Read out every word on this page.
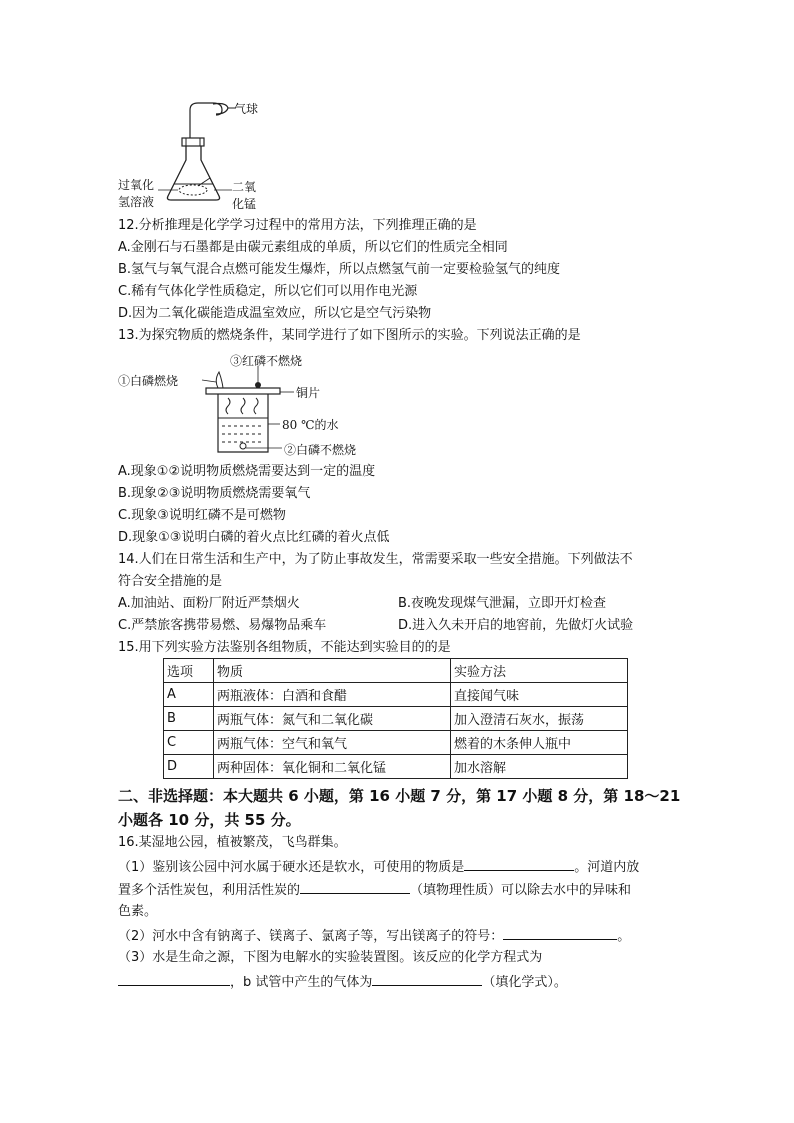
气球
过氧化
氢溶液
二氧
化锰
12.分析推理是化学学习过程中的常用方法，下列推理正确的是
A.金刚石与石墨都是由碳元素组成的单质，所以它们的性质完全相同
B.氢气与氧气混合点燃可能发生爆炸，所以点燃氢气前一定要检验氢气的纯度
C.稀有气体化学性质稳定，所以它们可以用作电光源
D.因为二氧化碳能造成温室效应，所以它是空气污染物
13.为探究物质的燃烧条件，某同学进行了如下图所示的实验。下列说法正确的是
③红磷不燃烧
①白磷燃烧
铜片
80 ℃的水
②白磷不燃烧
A.现象①②说明物质燃烧需要达到一定的温度
B.现象②③说明物质燃烧需要氧气
C.现象③说明红磷不是可燃物
D.现象①③说明白磷的着火点比红磷的着火点低
14.人们在日常生活和生产中，为了防止事故发生，常需要采取一些安全措施。下列做法不
符合安全措施的是
A.加油站、面粉厂附近严禁烟火	B.夜晚发现煤气泄漏，立即开灯检查
C.严禁旅客携带易燃、易爆物品乘车	D.进入久未开启的地窖前，先做灯火试验
15.用下列实验方法鉴别各组物质，不能达到实验目的的是
选项	物质	实验方法
A	两瓶液体：白酒和食醋	直接闻气味
B	两瓶气体：氮气和二氧化碳	加入澄清石灰水，振荡
C	两瓶气体：空气和氧气	燃着的木条伸人瓶中
D	两种固体：氧化铜和二氧化锰	加水溶解
二、非选择题：本大题共 6 小题，第 16 小题 7 分，第 17 小题 8 分，第 18～21
小题各 10 分，共 55 分。
16.某湿地公园，植被繁茂，飞鸟群集。
（1）鉴别该公园中河水属于硬水还是软水，可使用的物质是	。河道内放
置多个活性炭包，利用活性炭的	（填物理性质）可以除去水中的异味和
色素。
（2）河水中含有钠离子、镁离子、氯离子等，写出镁离子的符号：	。
（3）水是生命之源，下图为电解水的实验装置图。该反应的化学方程式为
，b 试管中产生的气体为	（填化学式）。
